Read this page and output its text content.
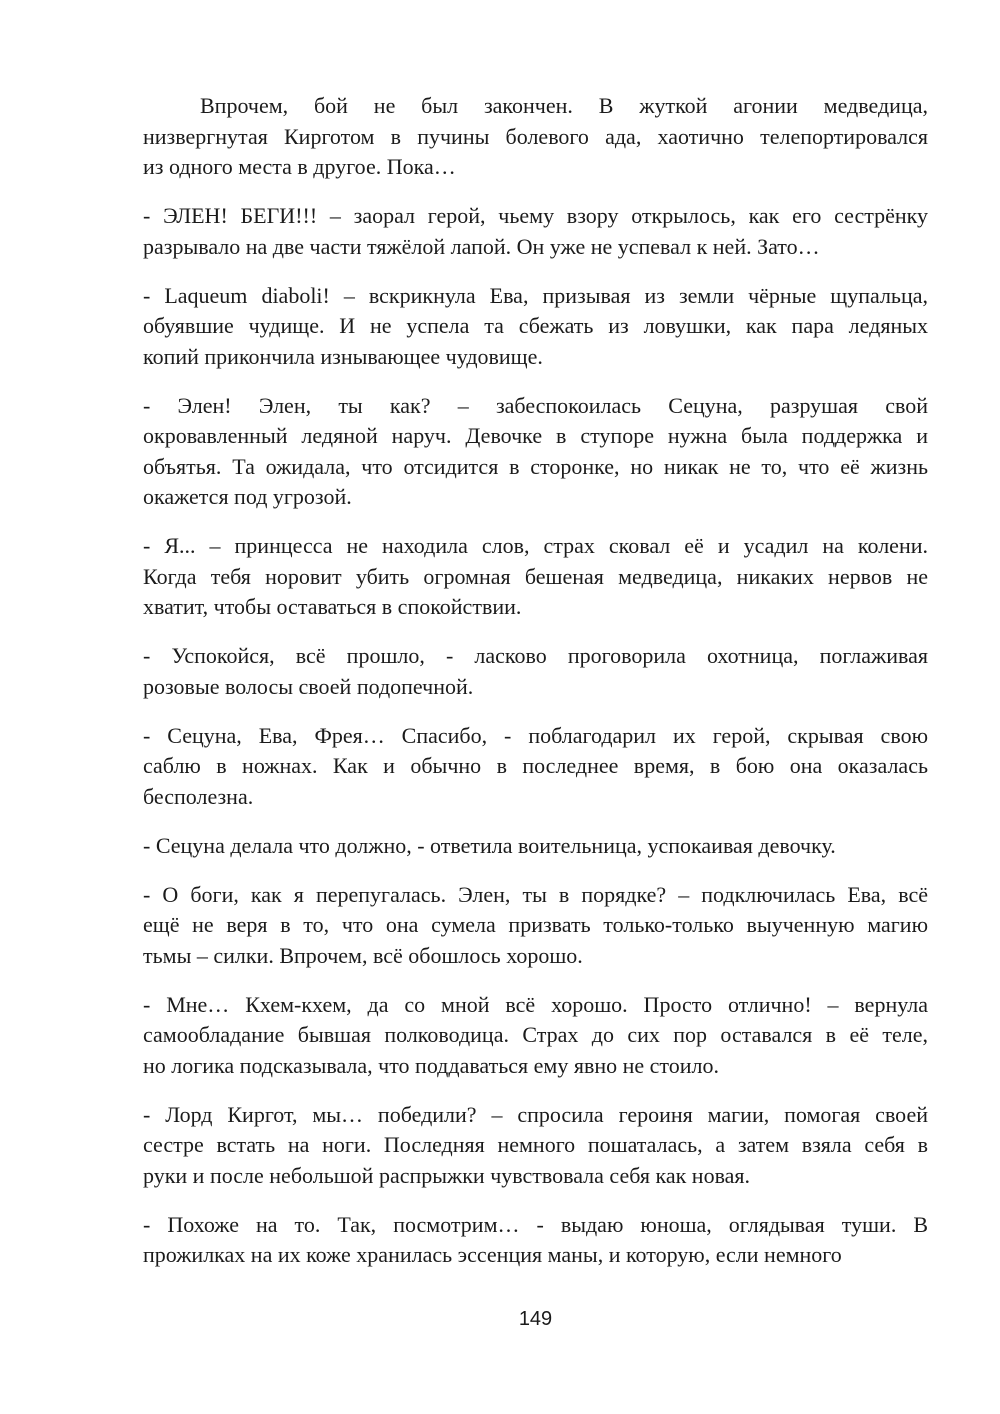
Впрочем, бой не был закончен. В жуткой агонии медведица,
низвергнутая Кирготом в пучины болевого ада, хаотично телепортировался
из одного места в другое. Пока…
- ЭЛЕН! БЕГИ!!! – заорал герой, чьему взору открылось, как его сестрёнку
разрывало на две части тяжёлой лапой. Он уже не успевал к ней. Зато…
- Laqueum diaboli! – вскрикнула Ева, призывая из земли чёрные щупальца,
обуявшие чудище. И не успела та сбежать из ловушки, как пара ледяных
копий прикончила изнывающее чудовище.
- Элен! Элен, ты как? – забеспокоилась Сецуна, разрушая свой
окровавленный ледяной наруч. Девочке в ступоре нужна была поддержка и
объятья. Та ожидала, что отсидится в сторонке, но никак не то, что её жизнь
окажется под угрозой.
- Я... – принцесса не находила слов, страх сковал её и усадил на колени.
Когда тебя норовит убить огромная бешеная медведица, никаких нервов не
хватит, чтобы оставаться в спокойствии.
- Успокойся, всё прошло, - ласково проговорила охотница, поглаживая
розовые волосы своей подопечной.
- Сецуна, Ева, Фрея… Спасибо, - поблагодарил их герой, скрывая свою
саблю в ножнах. Как и обычно в последнее время, в бою она оказалась
бесполезна.
- Сецуна делала что должно, - ответила воительница, успокаивая девочку.
- О боги, как я перепугалась. Элен, ты в порядке? – подключилась Ева, всё
ещё не веря в то, что она сумела призвать только-только выученную магию
тьмы – силки. Впрочем, всё обошлось хорошо.
- Мне… Кхем-кхем, да со мной всё хорошо. Просто отлично! – вернула
самообладание бывшая полководица. Страх до сих пор оставался в её теле,
но логика подсказывала, что поддаваться ему явно не стоило.
- Лорд Киргот, мы… победили? – спросила героиня магии, помогая своей
сестре встать на ноги. Последняя немного пошаталась, а затем взяла себя в
руки и после небольшой распрыжки чувствовала себя как новая.
- Похоже на то. Так, посмотрим… - выдаю юноша, оглядывая туши. В
прожилках на их коже хранилась эссенция маны, и которую, если немного
149
